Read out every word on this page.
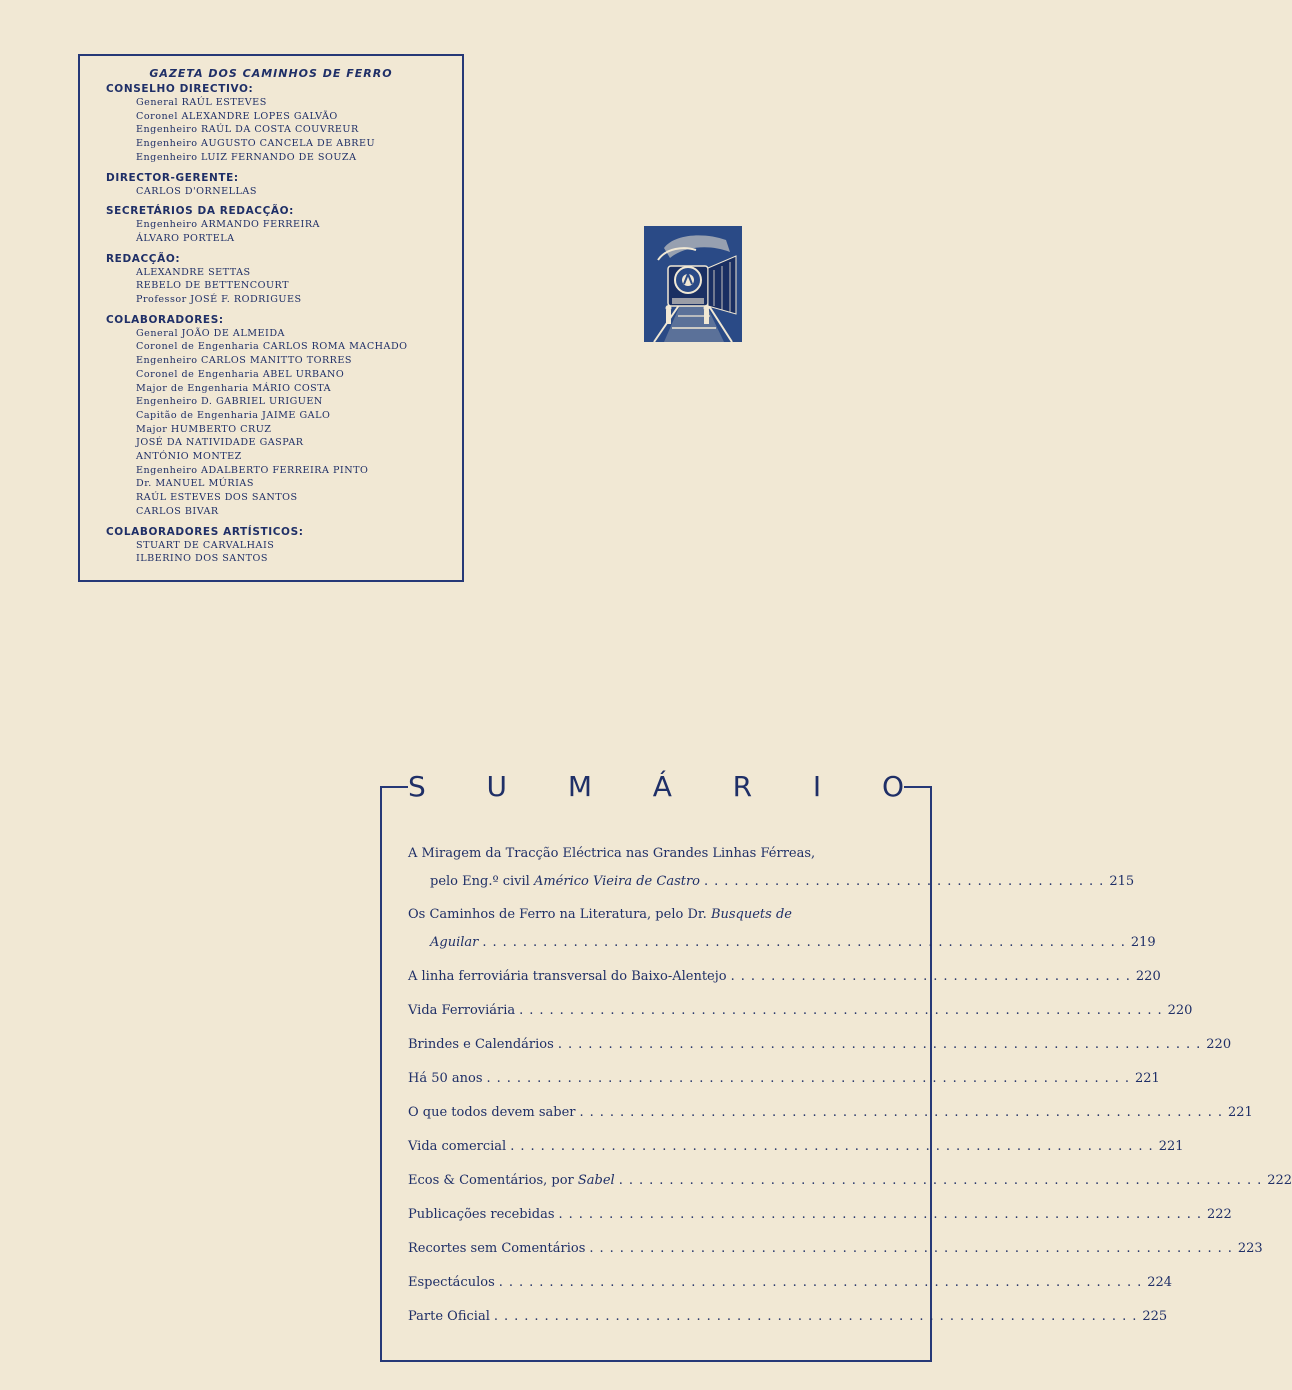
GAZETA DOS CAMINHOS DE FERRO
CONSELHO DIRECTIVO:
General RAÚL ESTEVES
Coronel ALEXANDRE LOPES GALVÃO
Engenheiro RAÚL DA COSTA COUVREUR
Engenheiro AUGUSTO CANCELA DE ABREU
Engenheiro LUIZ FERNANDO DE SOUZA
DIRECTOR-GERENTE:
CARLOS D'ORNELLAS
SECRETÁRIOS DA REDACÇÃO:
Engenheiro ARMANDO FERREIRA
ÁLVARO PORTELA
REDACÇÃO:
ALEXANDRE SETTAS
REBELO DE BETTENCOURT
Professor JOSÉ F. RODRIGUES
COLABORADORES:
General JOÃO DE ALMEIDA
Coronel de Engenharia CARLOS ROMA MACHADO
Engenheiro CARLOS MANITTO TORRES
Coronel de Engenharia ABEL URBANO
Major de Engenharia MÁRIO COSTA
Engenheiro D. GABRIEL URIGUEN
Capitão de Engenharia JAIME GALO
Major HUMBERTO CRUZ
JOSÉ DA NATIVIDADE GASPAR
ANTÓNIO MONTEZ
Engenheiro ADALBERTO FERREIRA PINTO
Dr. MANUEL MÚRIAS
RAÚL ESTEVES DOS SANTOS
CARLOS BIVAR
COLABORADORES ARTÍSTICOS:
STUART DE CARVALHAIS
ILBERINO DOS SANTOS
S U M Á R I O
A Miragem da Tracção Eléctrica nas Grandes Linhas Férreas,
pelo Eng.º civil
Américo Vieira de Castro ........................................ 215
Os Caminhos de Ferro na Literatura, pelo Dr.
Busquets de
Aguilar ................................................................ 219
A linha ferroviária transversal do Baixo-Alentejo ........................................ 220
Vida Ferroviária ................................................................ 220
Brindes e Calendários ................................................................ 220
Há 50 anos ................................................................ 221
O que todos devem saber ................................................................ 221
Vida comercial ................................................................ 221
Ecos & Comentários, por
Sabel ................................................................ 222
Publicações recebidas ................................................................ 222
Recortes sem Comentários ................................................................ 223
Espectáculos ................................................................ 224
Parte Oficial ................................................................ 225
